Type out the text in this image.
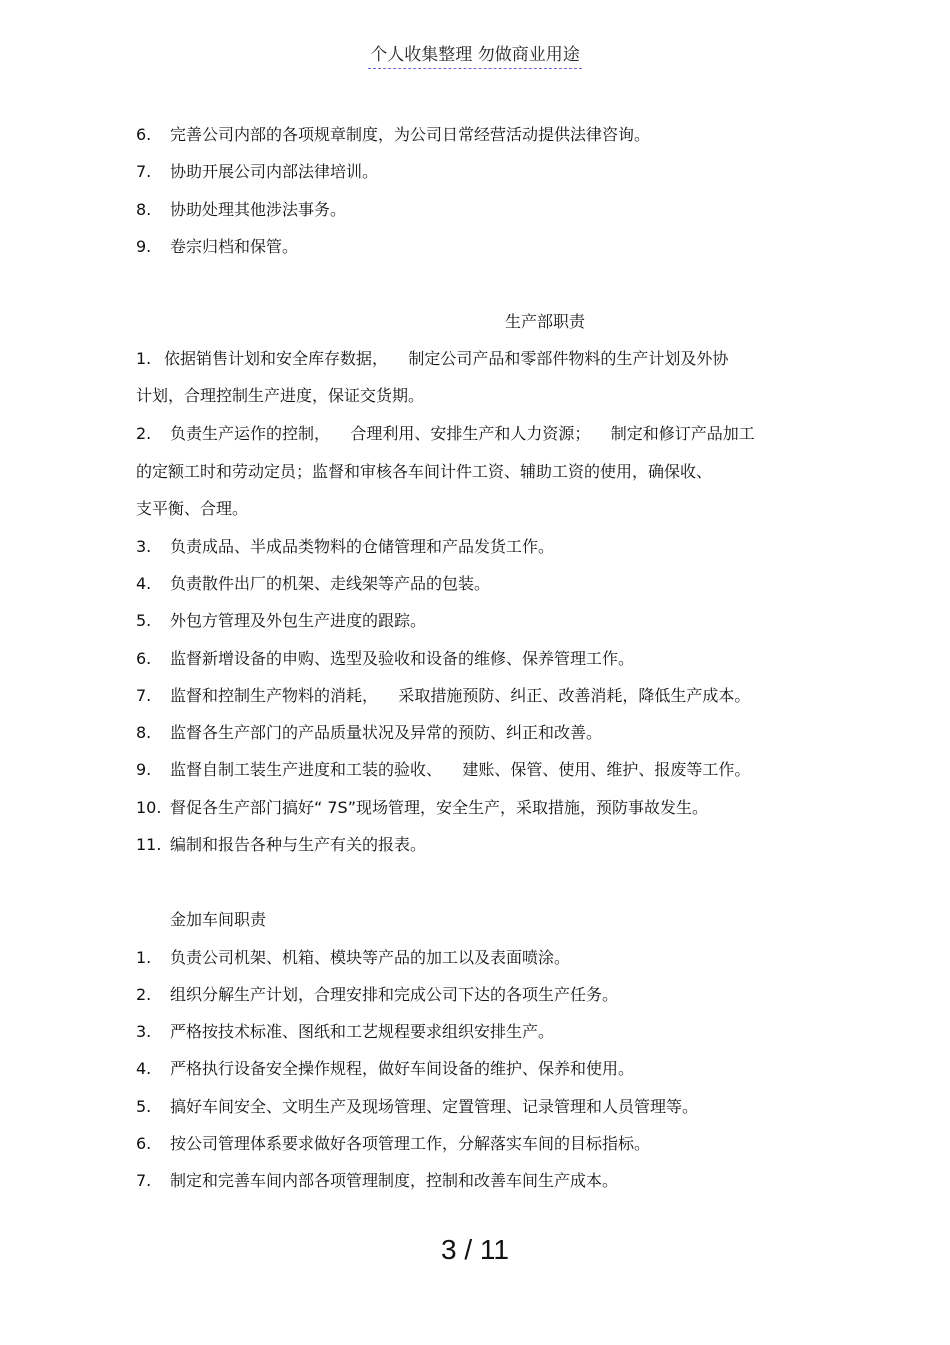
个人收集整理 勿做商业用途
6. 完善公司内部的各项规章制度，为公司日常经营活动提供法律咨询。
7. 协助开展公司内部法律培训。
8. 协助处理其他涉法事务。
9. 卷宗归档和保管。
生产部职责
1. 依据销售计划和安全库存数据，    制定公司产品和零部件物料的生产计划及外协
计划，合理控制生产进度，保证交货期。
2. 负责生产运作的控制，    合理利用、安排生产和人力资源；    制定和修订产品加工
的定额工时和劳动定员；监督和审核各车间计件工资、辅助工资的使用，确保收、
支平衡、合理。
3. 负责成品、半成品类物料的仓储管理和产品发货工作。
4. 负责散件出厂的机架、走线架等产品的包装。
5. 外包方管理及外包生产进度的跟踪。
6. 监督新增设备的申购、选型及验收和设备的维修、保养管理工作。
7. 监督和控制生产物料的消耗，    采取措施预防、纠正、改善消耗，降低生产成本。
8. 监督各生产部门的产品质量状况及异常的预防、纠正和改善。
9. 监督自制工装生产进度和工装的验收、    建账、保管、使用、维护、报废等工作。
10. 督促各生产部门搞好“ 7S”现场管理，安全生产，采取措施，预防事故发生。
11. 编制和报告各种与生产有关的报表。
金加车间职责
1. 负责公司机架、机箱、模块等产品的加工以及表面喷涂。
2. 组织分解生产计划，合理安排和完成公司下达的各项生产任务。
3. 严格按技术标准、图纸和工艺规程要求组织安排生产。
4. 严格执行设备安全操作规程，做好车间设备的维护、保养和使用。
5. 搞好车间安全、文明生产及现场管理、定置管理、记录管理和人员管理等。
6. 按公司管理体系要求做好各项管理工作，分解落实车间的目标指标。
7. 制定和完善车间内部各项管理制度，控制和改善车间生产成本。
3 / 11
